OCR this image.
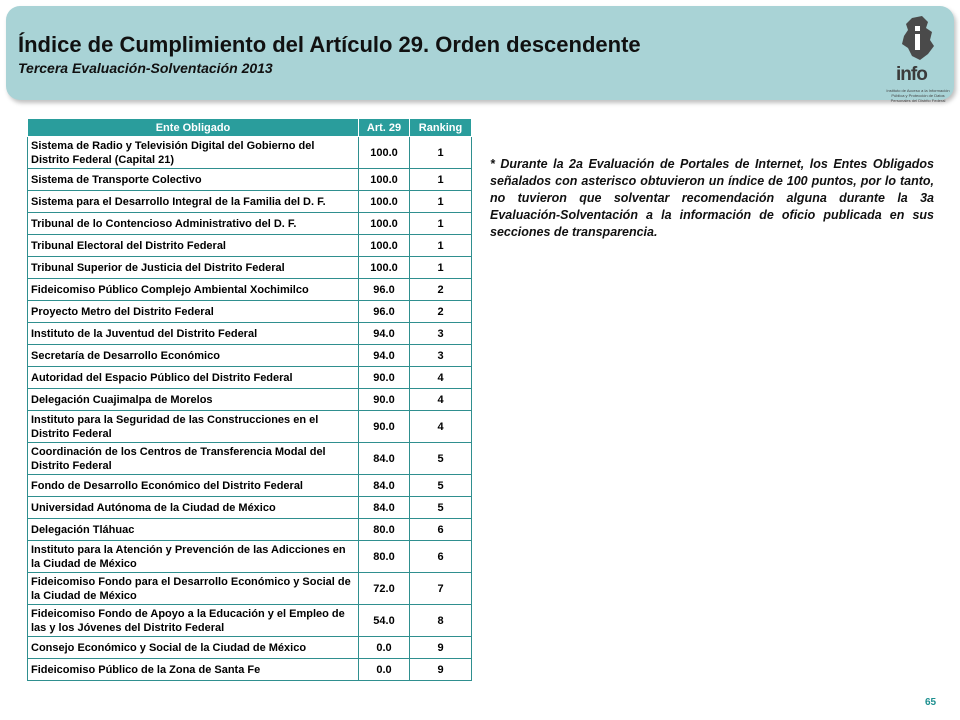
Índice de Cumplimiento del Artículo 29. Orden descendente
Tercera Evaluación-Solventación 2013	info
Instituto de Acceso a la Información Pública y Protección de Datos Personales del Distrito Federal
Ente Obligado	Art. 29	Ranking
Sistema de Radio y Televisión Digital del Gobierno del Distrito Federal (Capital 21)	100.0	1
Sistema de Transporte Colectivo	100.0	1
Sistema para el Desarrollo Integral de la Familia del D. F.	100.0	1
Tribunal de lo Contencioso Administrativo del D. F.	100.0	1
Tribunal Electoral del Distrito Federal	100.0	1
Tribunal Superior de Justicia del Distrito Federal	100.0	1
Fideicomiso Público Complejo Ambiental Xochimilco	96.0	2
Proyecto Metro del Distrito Federal	96.0	2
Instituto de la Juventud del Distrito Federal	94.0	3
Secretaría de Desarrollo Económico	94.0	3
Autoridad del Espacio Público del Distrito Federal	90.0	4
Delegación Cuajimalpa de Morelos	90.0	4
Instituto para la Seguridad de las Construcciones en el Distrito Federal	90.0	4
Coordinación de los Centros de Transferencia Modal del Distrito Federal	84.0	5
Fondo de Desarrollo Económico del Distrito Federal	84.0	5
Universidad Autónoma de la Ciudad de México	84.0	5
Delegación Tláhuac	80.0	6
Instituto para la Atención y Prevención de las Adicciones en la Ciudad de México	80.0	6
Fideicomiso Fondo para el Desarrollo Económico y Social de la Ciudad de México	72.0	7
Fideicomiso Fondo de Apoyo a la Educación y el Empleo de las y los Jóvenes del Distrito Federal	54.0	8
Consejo Económico y Social de la Ciudad de México	0.0	9
Fideicomiso Público de la Zona de Santa Fe	0.0	9
* Durante la 2a Evaluación de Portales de Internet, los Entes Obligados señalados con asterisco obtuvieron un índice de 100 puntos, por lo tanto, no tuvieron que solventar recomendación alguna durante la 3a Evaluación-Solventación a la información de oficio publicada en sus secciones de transparencia.
65
